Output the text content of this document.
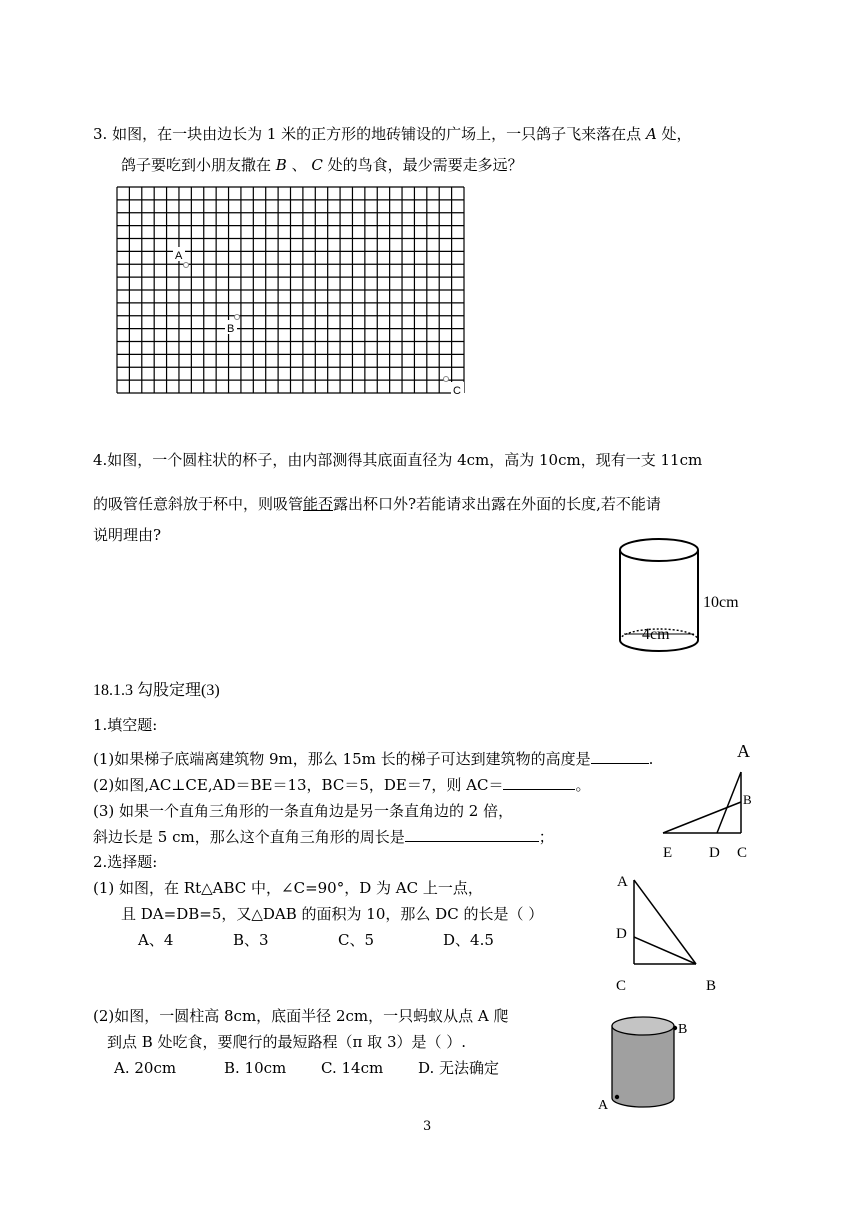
3. 如图，在一块由边长为 1 米的正方形的地砖铺设的广场上，一只鸽子飞来落在点 A 处，
鸽子要吃到小朋友撒在 B 、 C 处的鸟食，最少需要走多远？
A
B
C
4.如图，一个圆柱状的杯子，由内部测得其底面直径为 4cm，高为 10cm，现有一支 11cm
的吸管任意斜放于杯中，则吸管能否露出杯口外?若能请求出露在外面的长度,若不能请
说明理由?
4cm
10cm
18.1.3 勾股定理(3)
1.填空题:
(1)如果梯子底端离建筑物 9m，那么 15m 长的梯子可达到建筑物的高度是	.
(2)如图,AC⊥CE,AD＝BE＝13，BC＝5，DE＝7，则 AC＝	。
(3) 如果一个直角三角形的一条直角边是另一条直角边的 2 倍，
斜边长是 5 cm，那么这个直角三角形的周长是	；
A
B
E D C
2.选择题:
(1) 如图，在 Rt△ABC 中，∠C=90°，D 为 AC 上一点，
且 DA=DB=5，又△DAB 的面积为 10，那么 DC 的长是（ ）
A、4	B、3	C、5	D、4.5
A
D
C	B
(2)如图，一圆柱高 8cm，底面半径 2cm，一只蚂蚁从点 A 爬
到点 B 处吃食，要爬行的最短路程（π 取 3）是（ ）.
A. 20cm	B. 10cm C. 14cm D. 无法确定
B
A
3
